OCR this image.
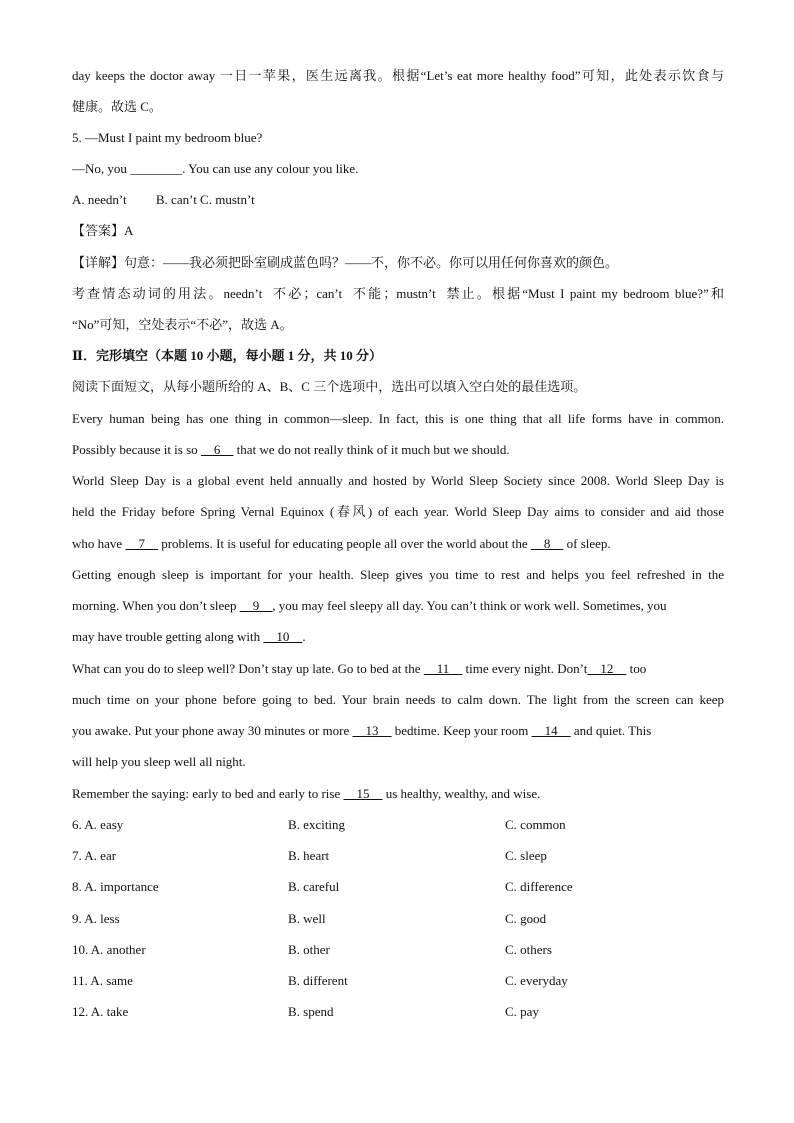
day keeps the doctor away 一日一苹果，医生远离我。根据“Let’s eat more healthy food”可知，此处表示饮食与
健康。故选 C。
5. —Must I paint my bedroom blue?
—No, you ________. You can use any colour you like.
A. needn’t         B. can’t C. mustn’t
【答案】A
【详解】句意：——我必须把卧室刷成蓝色吗？——不，你不必。你可以用任何你喜欢的颜色。
考查情态动词的用法。needn’t  不必；can’t  不能；mustn’t  禁止。根据“Must I paint my bedroom blue?”和
“No”可知，空处表示“不必”，故选 A。
Ⅱ．完形填空（本题 10 小题，每小题 1 分，共 10 分）
阅读下面短文，从每小题所给的 A、B、C 三个选项中，选出可以填入空白处的最佳选项。
Every human being has one thing in common—sleep. In fact, this is one thing that all life forms have in common.
Possibly because it is so   _6_   that we do not really think of it much but we should.
World Sleep Day is a global event held annually and hosted by World Sleep Society since 2008. World Sleep Day is
held the Friday before Spring Vernal Equinox (春风) of each year. World Sleep Day aims to consider and aid those
who have   _7_   problems. It is useful for educating people all over the world about the   _8_   of sleep.
Getting enough sleep is important for your health. Sleep gives you time to rest and helps you feel refreshed in the
morning. When you don’t sleep   _9_  , you may feel sleepy all day. You can’t think or work well. Sometimes, you
may have trouble getting along with   _10_  .
What can you do to sleep well? Don’t stay up late. Go to bed at the   _11_   time every night. Don’t  _12_   too
much time on your phone before going to bed. Your brain needs to calm down. The light from the screen can keep
you awake. Put your phone away 30 minutes or more   _13_   bedtime. Keep your room   _14_   and quiet. This
will help you sleep well all night.
Remember the saying: early to bed and early to rise   _15_   us healthy, wealthy, and wise.
6. A. easy	B. exciting	C. common
7. A. ear	B. heart	C. sleep
8. A. importance	B. careful	C. difference
9. A. less	B. well	C. good
10. A. another	B. other	C. others
11. A. same	B. different	C. everyday
12. A. take	B. spend	C. pay
